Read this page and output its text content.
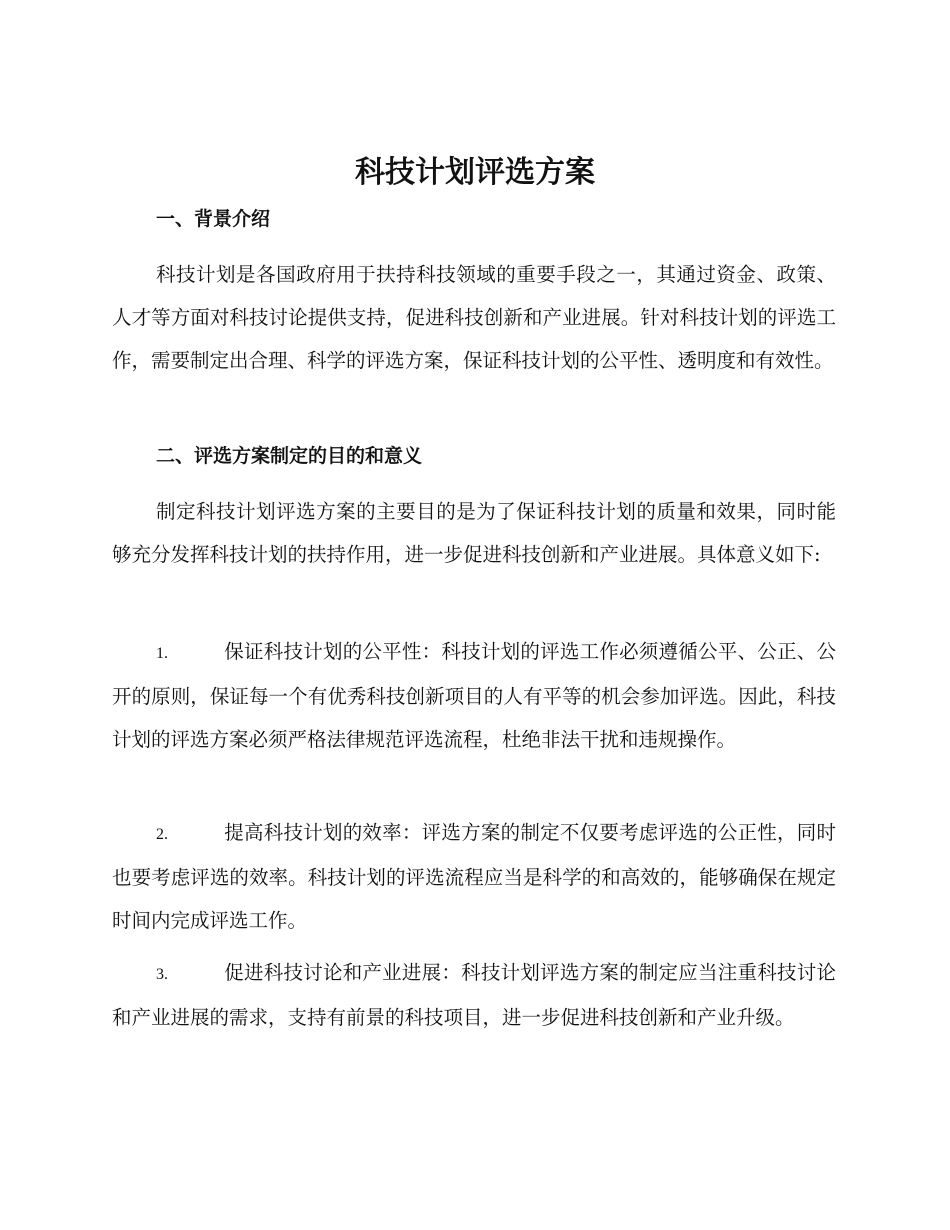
科技计划评选方案
一、背景介绍

科技计划是各国政府用于扶持科技领域的重要手段之一，其通过资金、政策、人才等方面对科技讨论提供支持，促进科技创新和产业进展。针对科技计划的评选工作，需要制定出合理、科学的评选方案，保证科技计划的公平性、透明度和有效性。

二、评选方案制定的目的和意义

制定科技计划评选方案的主要目的是为了保证科技计划的质量和效果，同时能够充分发挥科技计划的扶持作用，进一步促进科技创新和产业进展。具体意义如下:

1.	保证科技计划的公平性：科技计划的评选工作必须遵循公平、公正、公开的原则，保证每一个有优秀科技创新项目的人有平等的机会参加评选。因此，科技计划的评选方案必须严格法律规范评选流程，杜绝非法干扰和违规操作。

2.	提高科技计划的效率：评选方案的制定不仅要考虑评选的公正性，同时也要考虑评选的效率。科技计划的评选流程应当是科学的和高效的，能够确保在规定时间内完成评选工作。

3.	促进科技讨论和产业进展：科技计划评选方案的制定应当注重科技讨论和产业进展的需求，支持有前景的科技项目，进一步促进科技创新和产业升级。
